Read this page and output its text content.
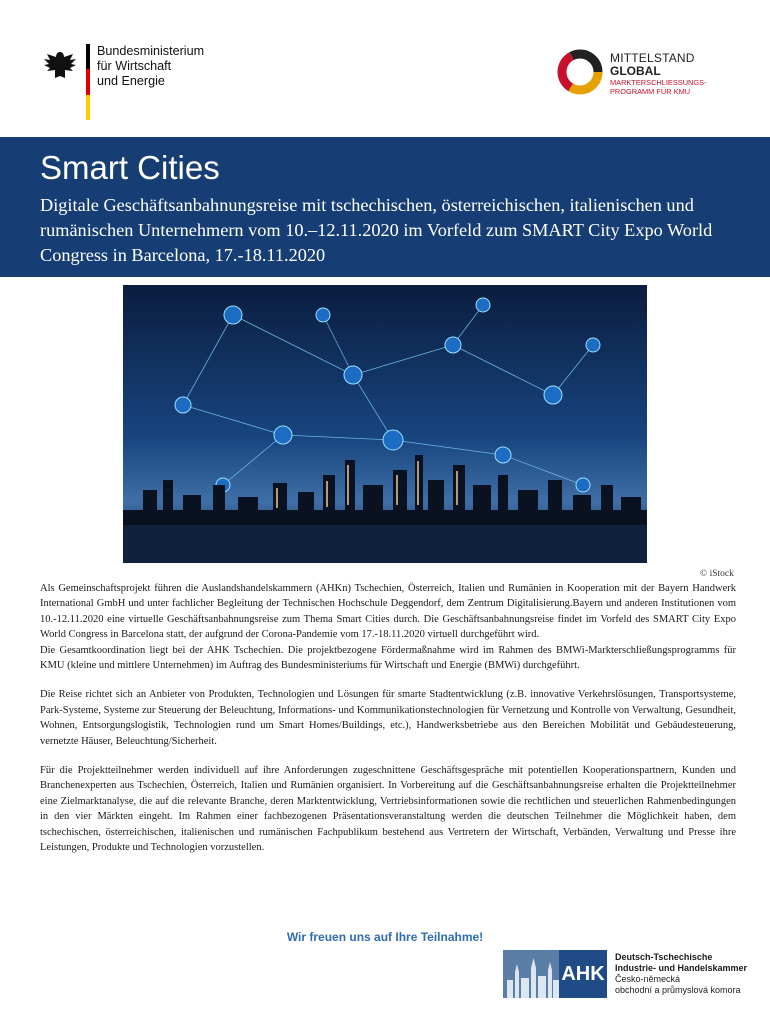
Bundesministerium
für Wirtschaft
und Energie
MITTELSTAND
GLOBAL
MARKTERSCHLIESSUNGS-
PROGRAMM FÜR KMU
Smart Cities

Digitale Geschäftsanbahnungsreise mit tschechischen, österreichischen, italienischen und rumänischen Unternehmern vom 10.–12.11.2020 im Vorfeld zum SMART City Expo World Congress in Barcelona, 17.-18.11.2020

© iStock

Als Gemeinschaftsprojekt führen die Auslandshandelskammern (AHKn) Tschechien, Österreich, Italien und Rumänien in Kooperation mit der Bayern Handwerk International GmbH und unter fachlicher Begleitung der Technischen Hochschule Deggendorf, dem Zentrum Digitalisierung.Bayern und anderen Institutionen vom 10.-12.11.2020 eine virtuelle Geschäftsanbahnungsreise zum Thema Smart Cities durch. Die Geschäftsanbahnungsreise findet im Vorfeld des SMART City Expo World Congress in Barcelona statt, der aufgrund der Corona-Pandemie vom 17.-18.11.2020 virtuell durchgeführt wird.

Die Gesamtkoordination liegt bei der AHK Tschechien. Die projektbezogene Fördermaßnahme wird im Rahmen des BMWi-Markterschließungsprogramms für KMU (kleine und mittlere Unternehmen) im Auftrag des Bundesministeriums für Wirtschaft und Energie (BMWi) durchgeführt.

Die Reise richtet sich an Anbieter von Produkten, Technologien und Lösungen für smarte Stadtentwicklung (z.B. innovative Verkehrslösungen, Transportsysteme, Park-Systeme, Systeme zur Steuerung der Beleuchtung, Informations- und Kommunikationstechnologien für Vernetzung und Kontrolle von Verwaltung, Gesundheit, Wohnen, Entsorgungslogistik, Technologien rund um Smart Homes/Buildings, etc.), Handwerksbetriebe aus den Bereichen Mobilität und Gebäudesteuerung, vernetzte Häuser, Beleuchtung/Sicherheit.

Für die Projektteilnehmer werden individuell auf ihre Anforderungen zugeschnittene Geschäftsgespräche mit potentiellen Kooperationspartnern, Kunden und Branchenexperten aus Tschechien, Österreich, Italien und Rumänien organisiert. In Vorbereitung auf die Geschäftsanbahnungsreise erhalten die Projektteilnehmer eine Zielmarktanalyse, die auf die relevante Branche, deren Marktentwicklung, Vertriebsinformationen sowie die rechtlichen und steuerlichen Rahmenbedingungen in den vier Märkten eingeht. Im Rahmen einer fachbezogenen Präsentationsveranstaltung werden die deutschen Teilnehmer die Möglichkeit haben, dem tschechischen, österreichischen, italienischen und rumänischen Fachpublikum bestehend aus Vertretern der Wirtschaft, Verbänden, Verwaltung und Presse ihre Leistungen, Produkte und Technologien vorzustellen.

Wir freuen uns auf Ihre Teilnahme!
AHK
Deutsch-Tschechische
Industrie- und Handelskammer
Česko-německá
obchodní a průmyslová komora
